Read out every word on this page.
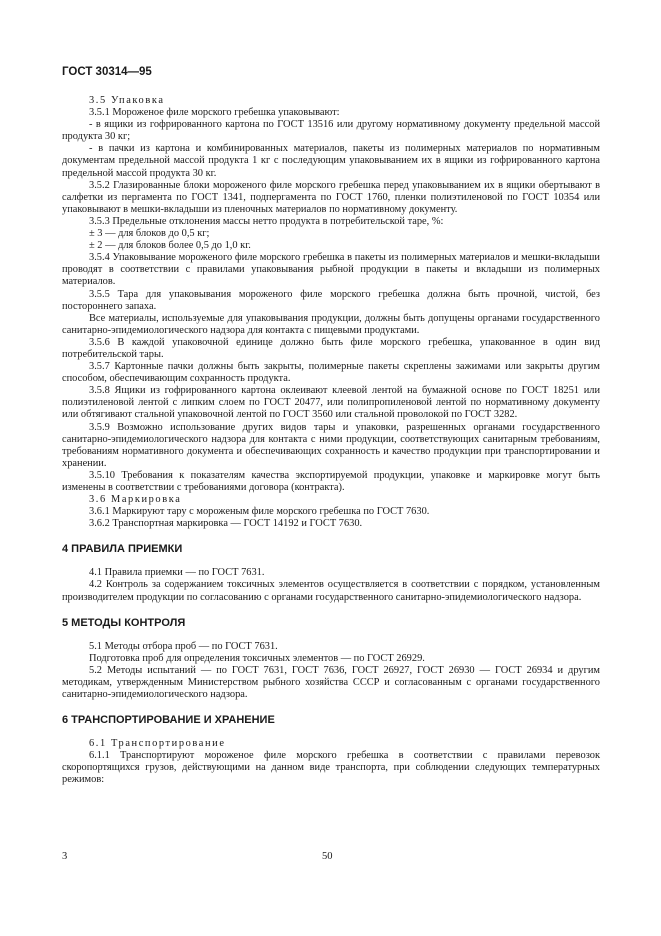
ГОСТ 30314—95

3.5 Упаковка

3.5.1 Мороженое филе морского гребешка упаковывают:

- в ящики из гофрированного картона по ГОСТ 13516 или другому нормативному документу предельной массой продукта 30 кг;

- в пачки из картона и комбинированных материалов, пакеты из полимерных материалов по нормативным документам предельной массой продукта 1 кг с последующим упаковыванием их в ящики из гофрированного картона предельной массой продукта 30 кг.

3.5.2 Глазированные блоки мороженого филе морского гребешка перед упаковыванием их в ящики обертывают в салфетки из пергамента по ГОСТ 1341, подпергамента по ГОСТ 1760, пленки полиэтиленовой по ГОСТ 10354 или упаковывают в мешки-вкладыши из пленочных материалов по нормативному документу.

3.5.3 Предельные отклонения массы нетто продукта в потребительской таре, %:

± 3 — для блоков до 0,5 кг;

± 2 — для блоков более 0,5 до 1,0 кг.

3.5.4 Упаковывание мороженого филе морского гребешка в пакеты из полимерных материалов и мешки-вкладыши проводят в соответствии с правилами упаковывания рыбной продукции в пакеты и вкладыши из полимерных материалов.

3.5.5 Тара для упаковывания мороженого филе морского гребешка должна быть прочной, чистой, без постороннего запаха.

Все материалы, используемые для упаковывания продукции, должны быть допущены органами государственного санитарно-эпидемиологического надзора для контакта с пищевыми продуктами.

3.5.6 В каждой упаковочной единице должно быть филе морского гребешка, упакованное в один вид потребительской тары.

3.5.7 Картонные пачки должны быть закрыты, полимерные пакеты скреплены зажимами или закрыты другим способом, обеспечивающим сохранность продукта.

3.5.8 Ящики из гофрированного картона оклеивают клеевой лентой на бумажной основе по ГОСТ 18251 или полиэтиленовой лентой с липким слоем по ГОСТ 20477, или полипропиленовой лентой по нормативному документу или обтягивают стальной упаковочной лентой по ГОСТ 3560 или стальной проволокой по ГОСТ 3282.

3.5.9 Возможно использование других видов тары и упаковки, разрешенных органами государственного санитарно-эпидемиологического надзора для контакта с ними продукции, соответствующих санитарным требованиям, требованиям нормативного документа и обеспечивающих сохранность и качество продукции при транспортировании и хранении.

3.5.10 Требования к показателям качества экспортируемой продукции, упаковке и маркировке могут быть изменены в соответствии с требованиями договора (контракта).

3.6 Маркировка

3.6.1 Маркируют тару с мороженым филе морского гребешка по ГОСТ 7630.

3.6.2 Транспортная маркировка — ГОСТ 14192 и ГОСТ 7630.

4 ПРАВИЛА ПРИЕМКИ

4.1 Правила приемки — по ГОСТ 7631.

4.2 Контроль за содержанием токсичных элементов осуществляется в соответствии с порядком, установленным производителем продукции по согласованию с органами государственного санитарно-эпидемиологического надзора.

5 МЕТОДЫ КОНТРОЛЯ

5.1 Методы отбора проб — по ГОСТ 7631.

Подготовка проб для определения токсичных элементов — по ГОСТ 26929.

5.2 Методы испытаний — по ГОСТ 7631, ГОСТ 7636, ГОСТ 26927, ГОСТ 26930 — ГОСТ 26934 и другим методикам, утвержденным Министерством рыбного хозяйства СССР и согласованным с органами государственного санитарно-эпидемиологического надзора.

6 ТРАНСПОРТИРОВАНИЕ И ХРАНЕНИЕ

6.1 Транспортирование

6.1.1 Транспортируют мороженое филе морского гребешка в соответствии с правилами перевозок скоропортящихся грузов, действующими на данном виде транспорта, при соблюдении следующих температурных режимов:

3	50
